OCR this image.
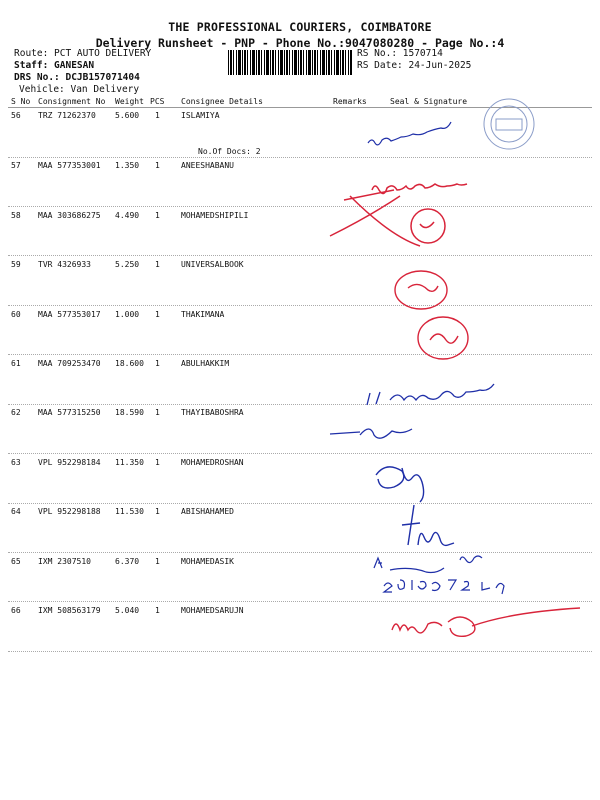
THE PROFESSIONAL COURIERS, COIMBATORE
Delivery Runsheet - PNP - Phone No.:9047080280 - Page No.:4
Route: PCT AUTO DELIVERY
Staff: GANESAN
DRS No.: DCJB157071404
Vehicle: Van Delivery
RS No.: 1570714
RS Date: 24-Jun-2025
S No Consignment No Weight PCS Consignee Details	Remarks	Seal & Signature
56 TRZ 71262370 5.600 1	ISLAMIYA
No.Of Docs: 2
57 MAA 577353001 1.350 1	ANEESHABANU
58 MAA 303686275 4.490 1	MOHAMEDSHIPILI
59 TVR 4326933	5.250 1	UNIVERSALBOOK
60 MAA 577353017 1.000 1	THAKIMANA
61 MAA 709253470 18.600 1	ABULHAKKIM
62 MAA 577315250 18.590 1	THAYIBABOSHRA
63 VPL 952298184 11.350 1	MOHAMEDROSHAN
64 VPL 952298188 11.530 1	ABISHAHAMED
65 IXM 2307510	6.370 1	MOHAMEDASIK
66 IXM 508563179 5.040 1	MOHAMEDSARUJN
